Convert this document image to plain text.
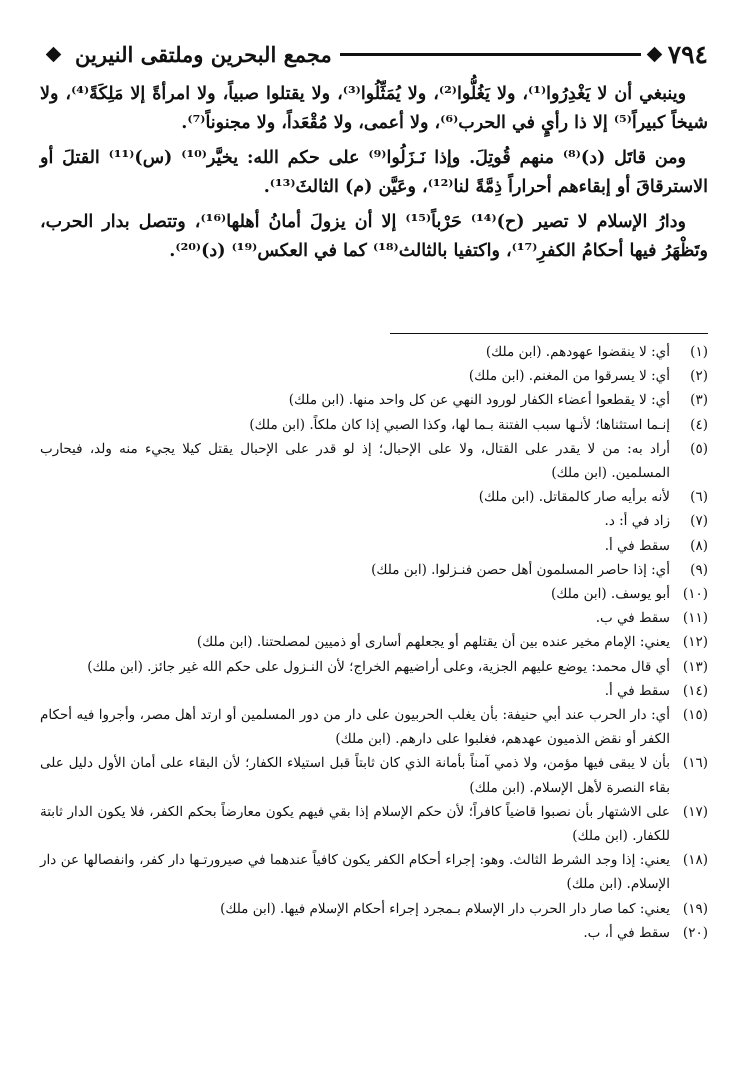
٧٩٤
مجمع البحرين وملتقى النيرين

وينبغي أن لا يَغْدِرُوا⁽¹⁾، ولا يَغُلُّوا⁽²⁾، ولا يُمَثِّلُوا⁽³⁾، ولا يقتلوا صبياً، ولا امرأةً إلا مَلِكَةً⁽⁴⁾، ولا شيخاً كبيراً⁽⁵⁾ إلا ذا رأيٍ في الحرب⁽⁶⁾، ولا أعمى، ولا مُقْعَداً، ولا مجنوناً⁽⁷⁾.

ومن قاتَل (د)⁽⁸⁾ منهم قُوتِلَ. وإذا نَـزَلُوا⁽⁹⁾ على حكم الله: يخيَّر⁽¹⁰⁾ (س)⁽¹¹⁾ القتلَ أو الاسترقاقَ أو إبقاءهم أحراراً ذِمَّةً لنا⁽¹²⁾، وعَيَّن (م) الثالثَ⁽¹³⁾.

ودارُ الإسلام لا تصير (ح)⁽¹⁴⁾ حَرْباً⁽¹⁵⁾ إلا أن يزولَ أمانُ أهلها⁽¹⁶⁾، وتتصل بدار الحرب، وتَظْهَرُ فيها أحكامُ الكفرِ⁽¹⁷⁾، واكتفيا بالثالث⁽¹⁸⁾ كما في العكس⁽¹⁹⁾ (د)⁽²⁰⁾.

(١)أي: لا ينقضوا عهودهم. (ابن ملك)
(٢)أي: لا يسرقوا من المغنم. (ابن ملك)
(٣)أي: لا يقطعوا أعضاء الكفار لورود النهي عن كل واحد منها. (ابن ملك)
(٤)إنـما استثناها؛ لأنـها سبب الفتنة بـما لها، وكذا الصبي إذا كان ملكاً. (ابن ملك)
(٥)أراد به: من لا يقدر على القتال، ولا على الإحبال؛ إذ لو قدر على الإحبال يقتل كيلا يجيء منه ولد، فيحارب المسلمين. (ابن ملك)
(٦)لأنه برأيه صار كالمقاتل. (ابن ملك)
(٧)زاد في أ: د.
(٨)سقط في أ.
(٩)أي: إذا حاصر المسلمون أهل حصن فنـزلوا. (ابن ملك)
(١٠)أبو يوسف. (ابن ملك)
(١١)سقط في ب.
(١٢)يعني: الإمام مخير عنده بين أن يقتلهم أو يجعلهم أسارى أو ذميين لمصلحتنا. (ابن ملك)
(١٣)أي قال محمد: يوضع عليهم الجزية، وعلى أراضيهم الخراج؛ لأن النـزول على حكم الله غير جائز. (ابن ملك)
(١٤)سقط في أ.
(١٥)أي: دار الحرب عند أبي حنيفة: بأن يغلب الحربيون على دار من دور المسلمين أو ارتد أهل مصر، وأجروا فيه أحكام الكفر أو نقض الذميون عهدهم، فغلبوا على دارهم. (ابن ملك)
(١٦)بأن لا يبقى فيها مؤمن، ولا ذمي آمناً بأمانة الذي كان ثابتاً قبل استيلاء الكفار؛ لأن البقاء على أمان الأول دليل على بقاء النصرة لأهل الإسلام. (ابن ملك)
(١٧)على الاشتهار بأن نصبوا قاضياً كافراً؛ لأن حكم الإسلام إذا بقي فيهم يكون معارضاً بحكم الكفر، فلا يكون الدار ثابتة للكفار. (ابن ملك)
(١٨)يعني: إذا وجد الشرط الثالث. وهو: إجراء أحكام الكفر يكون كافياً عندهما في صيرورتـها دار كفر، وانفصالها عن دار الإسلام. (ابن ملك)
(١٩)يعني: كما صار دار الحرب دار الإسلام بـمجرد إجراء أحكام الإسلام فيها. (ابن ملك)
(٢٠)سقط في أ، ب.
